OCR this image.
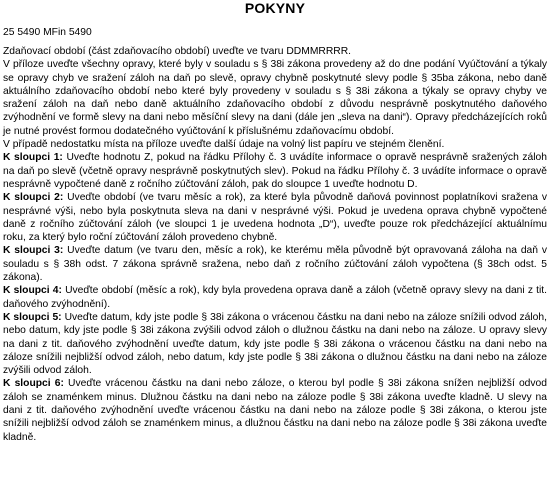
POKYNY
25 5490 MFin 5490

Zdaňovací období (část zdaňovacího období) uveďte ve tvaru DDMMRRRR.

V příloze uveďte všechny opravy, které byly v souladu s § 38i zákona provedeny až do dne podání Vyúčtování a týkaly se opravy chyb ve sražení záloh na daň po slevě, opravy chybně poskytnuté slevy podle § 35ba zákona, nebo daně aktuálního zdaňovacího období nebo které byly provedeny v souladu s § 38i zákona a týkaly se opravy chyby ve sražení záloh na daň nebo daně aktuálního zdaňovacího období z důvodu nesprávně poskytnutého daňového zvýhodnění ve formě slevy na dani nebo měsíční slevy na dani (dále jen „sleva na dani“). Opravy předcházejících roků je nutné provést formou dodatečného vyúčtování k příslušnému zdaňovacímu období.

V případě nedostatku místa na příloze uveďte další údaje na volný list papíru ve stejném členění.

K sloupci 1: Uveďte hodnotu Z, pokud na řádku Přílohy č. 3 uvádíte informace o opravě nesprávně sražených záloh na daň po slevě (včetně opravy nesprávně poskytnutých slev). Pokud na řádku Přílohy č. 3 uvádíte informace o opravě nesprávně vypočtené daně z ročního zúčtování záloh, pak do sloupce 1 uveďte hodnotu D.

K sloupci 2: Uveďte období (ve tvaru měsíc a rok), za které byla původně daňová povinnost poplatníkovi sražena v nesprávné výši, nebo byla poskytnuta sleva na dani v nesprávné výši. Pokud je uvedena oprava chybně vypočtené daně z ročního zúčtování záloh (ve sloupci 1 je uvedena hodnota „D“), uveďte pouze rok předcházející aktuálnímu roku, za který bylo roční zúčtování záloh provedeno chybně.

K sloupci 3: Uveďte datum (ve tvaru den, měsíc a rok), ke kterému měla původně být opravovaná záloha na daň v souladu s § 38h odst. 7 zákona správně sražena, nebo daň z ročního zúčtování záloh vypočtena (§ 38ch odst. 5 zákona).

K sloupci 4: Uveďte období (měsíc a rok), kdy byla provedena oprava daně a záloh (včetně opravy slevy na dani z tit. daňového zvýhodnění).

K sloupci 5: Uveďte datum, kdy jste podle § 38i zákona o vrácenou částku na dani nebo na záloze snížili odvod záloh, nebo datum, kdy jste podle § 38i zákona zvýšili odvod záloh o dlužnou částku na dani nebo na záloze. U opravy slevy na dani z tit. daňového zvýhodnění uveďte datum, kdy jste podle § 38i zákona o vrácenou částku na dani nebo na záloze snížili nejbližší odvod záloh, nebo datum, kdy jste podle § 38i zákona o dlužnou částku na dani nebo na záloze zvýšili odvod záloh.

K sloupci 6: Uveďte vrácenou částku na dani nebo záloze, o kterou byl podle § 38i zákona snížen nejbližší odvod záloh se znaménkem minus. Dlužnou částku na dani nebo na záloze podle § 38i zákona uveďte kladně. U slevy na dani z tit. daňového zvýhodnění uveďte vrácenou částku na dani nebo na záloze podle § 38i zákona, o kterou jste snížili nejbližší odvod záloh se znaménkem minus, a dlužnou částku na dani nebo na záloze podle § 38i zákona uveďte kladně.
